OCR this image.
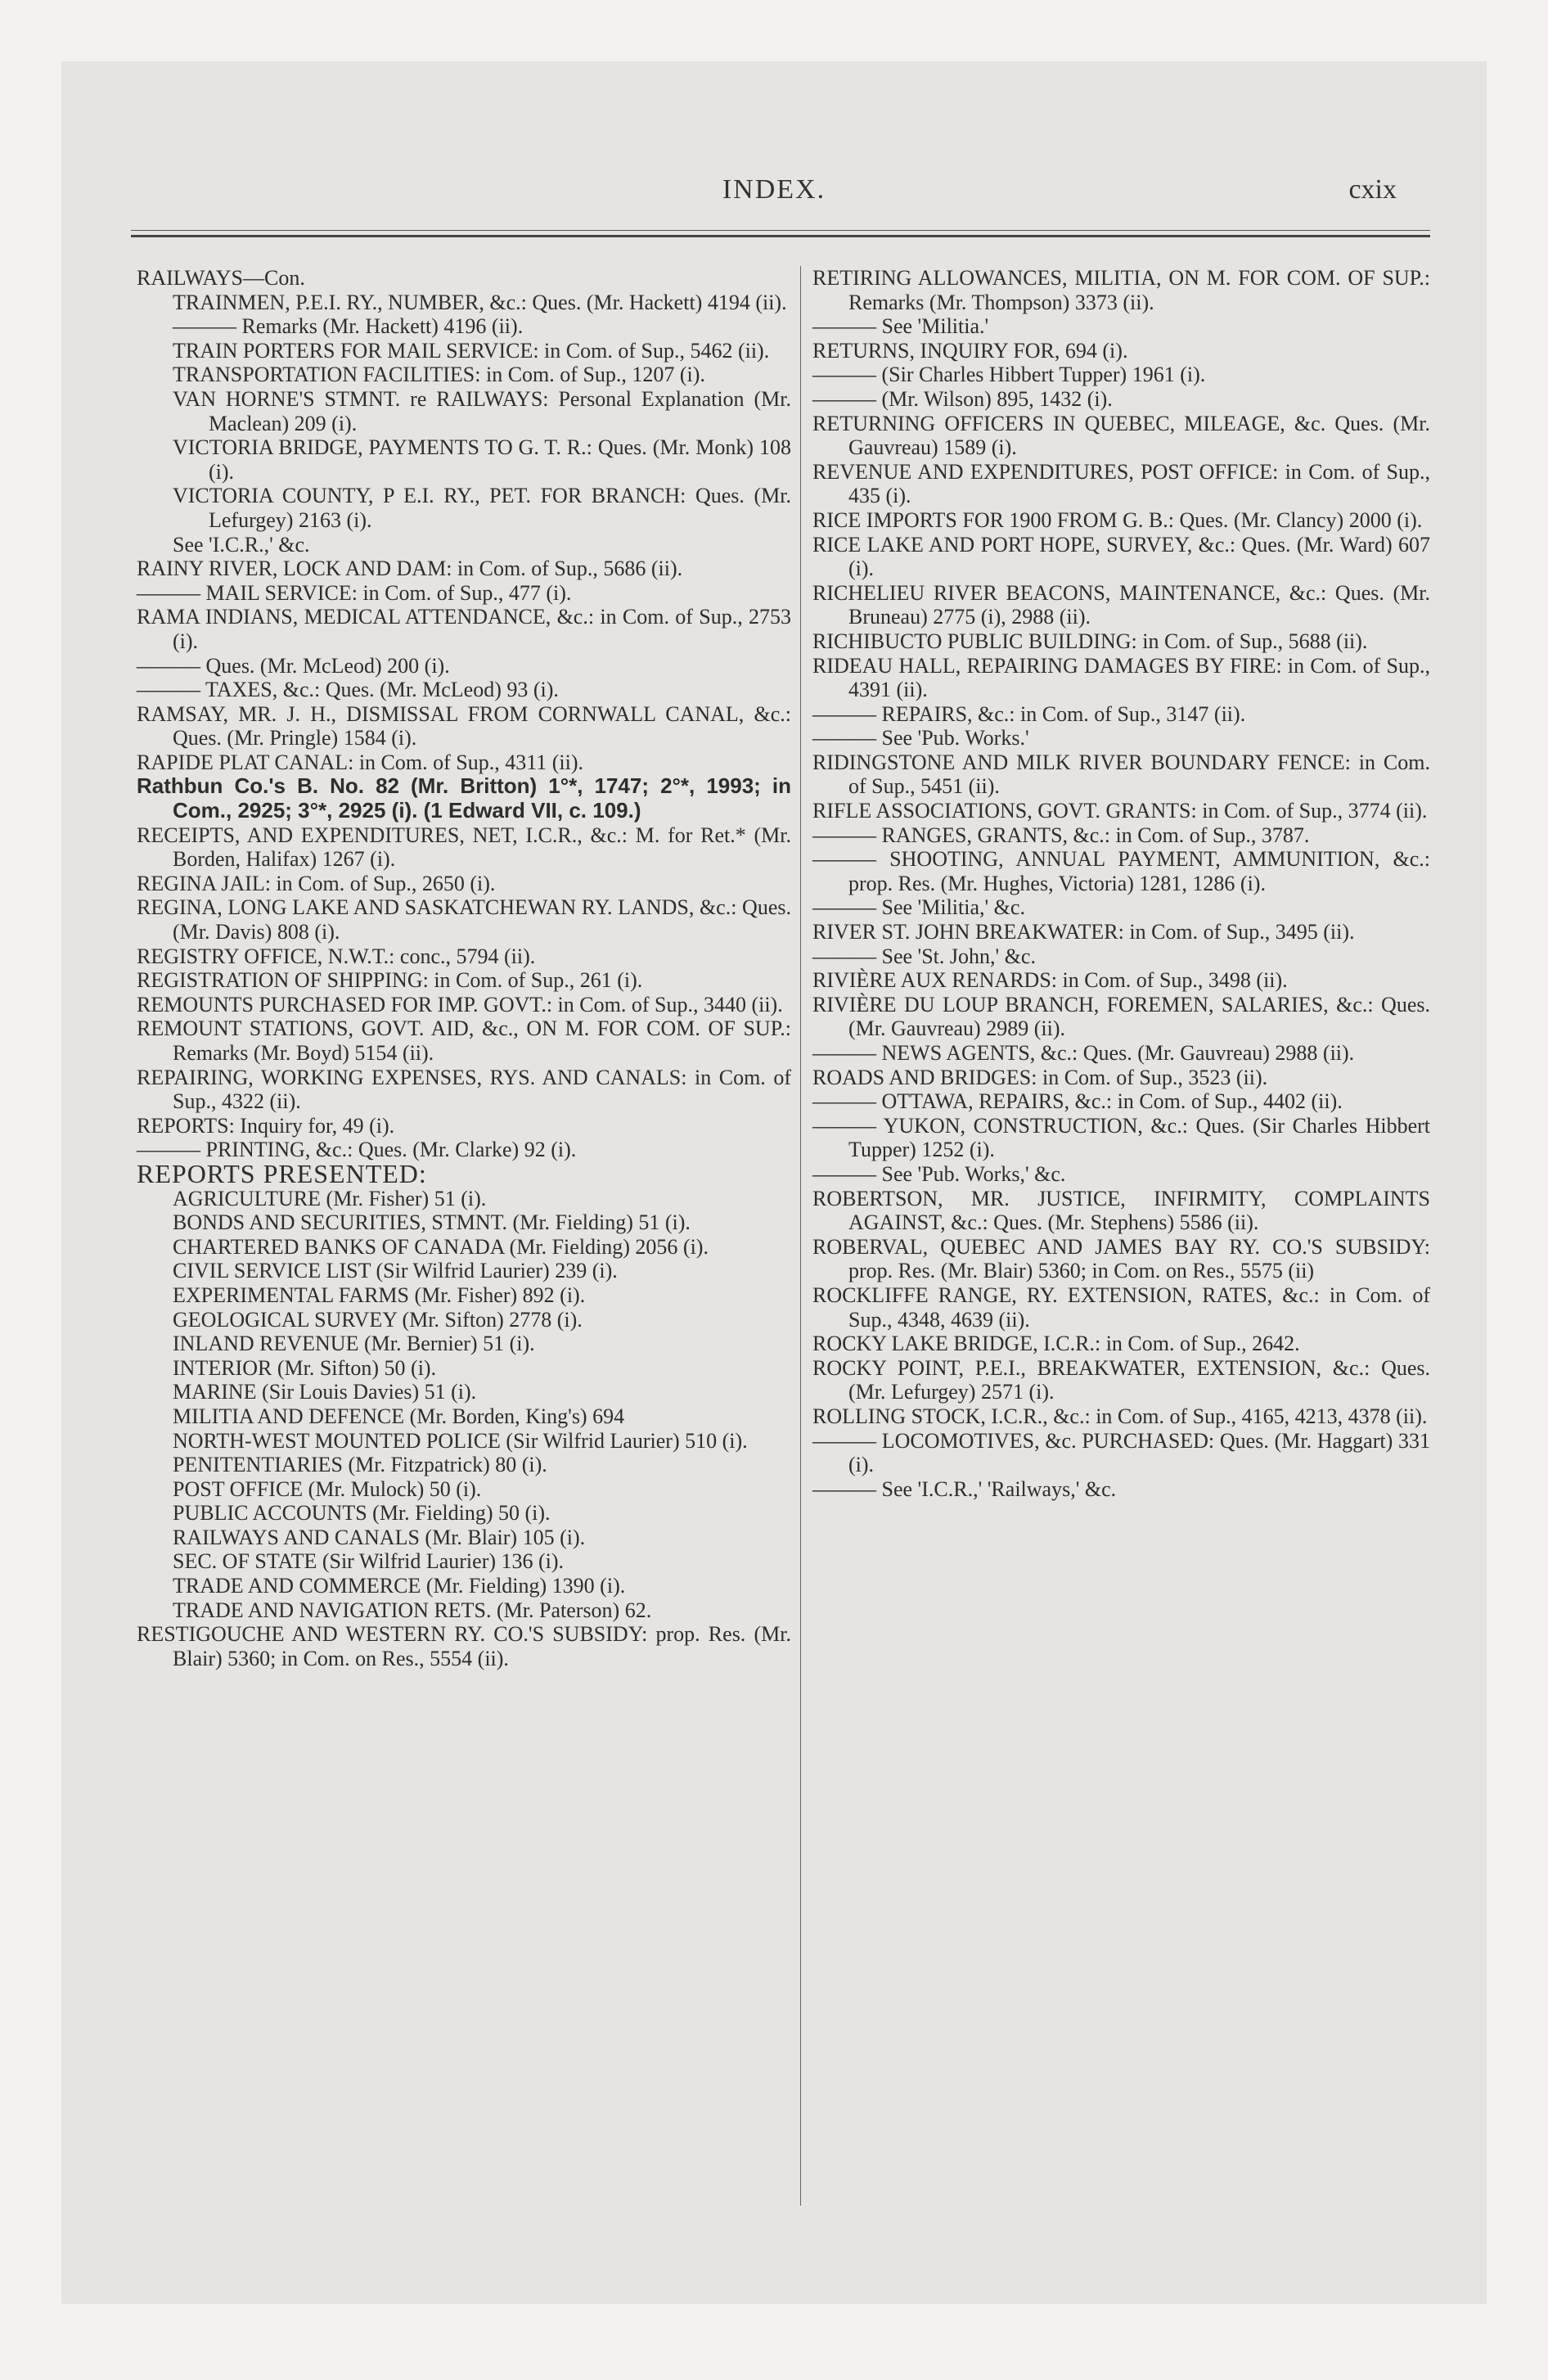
INDEX.	cxix
RAILWAYS—Con.
TRAINMEN, P.E.I. RY., NUMBER, &c.: Ques. (Mr. Hackett) 4194 (ii).
——— Remarks (Mr. Hackett) 4196 (ii).
TRAIN PORTERS FOR MAIL SERVICE: in Com. of Sup., 5462 (ii).
TRANSPORTATION FACILITIES: in Com. of Sup., 1207 (i).
VAN HORNE'S STMNT. re RAILWAYS: Personal Explanation (Mr. Maclean) 209 (i).
VICTORIA BRIDGE, PAYMENTS TO G. T. R.: Ques. (Mr. Monk) 108 (i).
VICTORIA COUNTY, P E.I. RY., PET. FOR BRANCH: Ques. (Mr. Lefurgey) 2163 (i).
See 'I.C.R.,' &c.
RAINY RIVER, LOCK AND DAM: in Com. of Sup., 5686 (ii).
——— MAIL SERVICE: in Com. of Sup., 477 (i).
RAMA INDIANS, MEDICAL ATTENDANCE, &c.: in Com. of Sup., 2753 (i).
——— Ques. (Mr. McLeod) 200 (i).
——— TAXES, &c.: Ques. (Mr. McLeod) 93 (i).
RAMSAY, MR. J. H., DISMISSAL FROM CORNWALL CANAL, &c.: Ques. (Mr. Pringle) 1584 (i).
RAPIDE PLAT CANAL: in Com. of Sup., 4311 (ii).
Rathbun Co.'s B. No. 82 (Mr. Britton) 1°*, 1747; 2°*, 1993; in Com., 2925; 3°*, 2925 (i). (1 Edward VII, c. 109.)
RECEIPTS, AND EXPENDITURES, NET, I.C.R., &c.: M. for Ret.* (Mr. Borden, Halifax) 1267 (i).
REGINA JAIL: in Com. of Sup., 2650 (i).
REGINA, LONG LAKE AND SASKATCHEWAN RY. LANDS, &c.: Ques. (Mr. Davis) 808 (i).
REGISTRY OFFICE, N.W.T.: conc., 5794 (ii).
REGISTRATION OF SHIPPING: in Com. of Sup., 261 (i).
REMOUNTS PURCHASED FOR IMP. GOVT.: in Com. of Sup., 3440 (ii).
REMOUNT STATIONS, GOVT. AID, &c., ON M. FOR COM. OF SUP.: Remarks (Mr. Boyd) 5154 (ii).
REPAIRING, WORKING EXPENSES, RYS. AND CANALS: in Com. of Sup., 4322 (ii).
REPORTS: Inquiry for, 49 (i).
——— PRINTING, &c.: Ques. (Mr. Clarke) 92 (i).
REPORTS PRESENTED:
AGRICULTURE (Mr. Fisher) 51 (i).
BONDS AND SECURITIES, STMNT. (Mr. Fielding) 51 (i).
CHARTERED BANKS OF CANADA (Mr. Fielding) 2056 (i).
CIVIL SERVICE LIST (Sir Wilfrid Laurier) 239 (i).
EXPERIMENTAL FARMS (Mr. Fisher) 892 (i).
GEOLOGICAL SURVEY (Mr. Sifton) 2778 (i).
INLAND REVENUE (Mr. Bernier) 51 (i).
INTERIOR (Mr. Sifton) 50 (i).
MARINE (Sir Louis Davies) 51 (i).
MILITIA AND DEFENCE (Mr. Borden, King's) 694
NORTH-WEST MOUNTED POLICE (Sir Wilfrid Laurier) 510 (i).
PENITENTIARIES (Mr. Fitzpatrick) 80 (i).
POST OFFICE (Mr. Mulock) 50 (i).
PUBLIC ACCOUNTS (Mr. Fielding) 50 (i).
RAILWAYS AND CANALS (Mr. Blair) 105 (i).
SEC. OF STATE (Sir Wilfrid Laurier) 136 (i).
TRADE AND COMMERCE (Mr. Fielding) 1390 (i).
TRADE AND NAVIGATION RETS. (Mr. Paterson) 62.
RESTIGOUCHE AND WESTERN RY. CO.'S SUBSIDY: prop. Res. (Mr. Blair) 5360; in Com. on Res., 5554 (ii).
RETIRING ALLOWANCES, MILITIA, ON M. FOR COM. OF SUP.: Remarks (Mr. Thompson) 3373 (ii).
——— See 'Militia.'
RETURNS, INQUIRY FOR, 694 (i).
——— (Sir Charles Hibbert Tupper) 1961 (i).
——— (Mr. Wilson) 895, 1432 (i).
RETURNING OFFICERS IN QUEBEC, MILEAGE, &c. Ques. (Mr. Gauvreau) 1589 (i).
REVENUE AND EXPENDITURES, POST OFFICE: in Com. of Sup., 435 (i).
RICE IMPORTS FOR 1900 FROM G. B.: Ques. (Mr. Clancy) 2000 (i).
RICE LAKE AND PORT HOPE, SURVEY, &c.: Ques. (Mr. Ward) 607 (i).
RICHELIEU RIVER BEACONS, MAINTENANCE, &c.: Ques. (Mr. Bruneau) 2775 (i), 2988 (ii).
RICHIBUCTO PUBLIC BUILDING: in Com. of Sup., 5688 (ii).
RIDEAU HALL, REPAIRING DAMAGES BY FIRE: in Com. of Sup., 4391 (ii).
——— REPAIRS, &c.: in Com. of Sup., 3147 (ii).
——— See 'Pub. Works.'
RIDINGSTONE AND MILK RIVER BOUNDARY FENCE: in Com. of Sup., 5451 (ii).
RIFLE ASSOCIATIONS, GOVT. GRANTS: in Com. of Sup., 3774 (ii).
——— RANGES, GRANTS, &c.: in Com. of Sup., 3787.
——— SHOOTING, ANNUAL PAYMENT, AMMUNITION, &c.: prop. Res. (Mr. Hughes, Victoria) 1281, 1286 (i).
——— See 'Militia,' &c.
RIVER ST. JOHN BREAKWATER: in Com. of Sup., 3495 (ii).
——— See 'St. John,' &c.
RIVIÈRE AUX RENARDS: in Com. of Sup., 3498 (ii).
RIVIÈRE DU LOUP BRANCH, FOREMEN, SALARIES, &c.: Ques. (Mr. Gauvreau) 2989 (ii).
——— NEWS AGENTS, &c.: Ques. (Mr. Gauvreau) 2988 (ii).
ROADS AND BRIDGES: in Com. of Sup., 3523 (ii).
——— OTTAWA, REPAIRS, &c.: in Com. of Sup., 4402 (ii).
——— YUKON, CONSTRUCTION, &c.: Ques. (Sir Charles Hibbert Tupper) 1252 (i).
——— See 'Pub. Works,' &c.
ROBERTSON, MR. JUSTICE, INFIRMITY, COMPLAINTS AGAINST, &c.: Ques. (Mr. Stephens) 5586 (ii).
ROBERVAL, QUEBEC AND JAMES BAY RY. CO.'S SUBSIDY: prop. Res. (Mr. Blair) 5360; in Com. on Res., 5575 (ii)
ROCKLIFFE RANGE, RY. EXTENSION, RATES, &c.: in Com. of Sup., 4348, 4639 (ii).
ROCKY LAKE BRIDGE, I.C.R.: in Com. of Sup., 2642.
ROCKY POINT, P.E.I., BREAKWATER, EXTENSION, &c.: Ques. (Mr. Lefurgey) 2571 (i).
ROLLING STOCK, I.C.R., &c.: in Com. of Sup., 4165, 4213, 4378 (ii).
——— LOCOMOTIVES, &c. PURCHASED: Ques. (Mr. Haggart) 331 (i).
——— See 'I.C.R.,' 'Railways,' &c.
